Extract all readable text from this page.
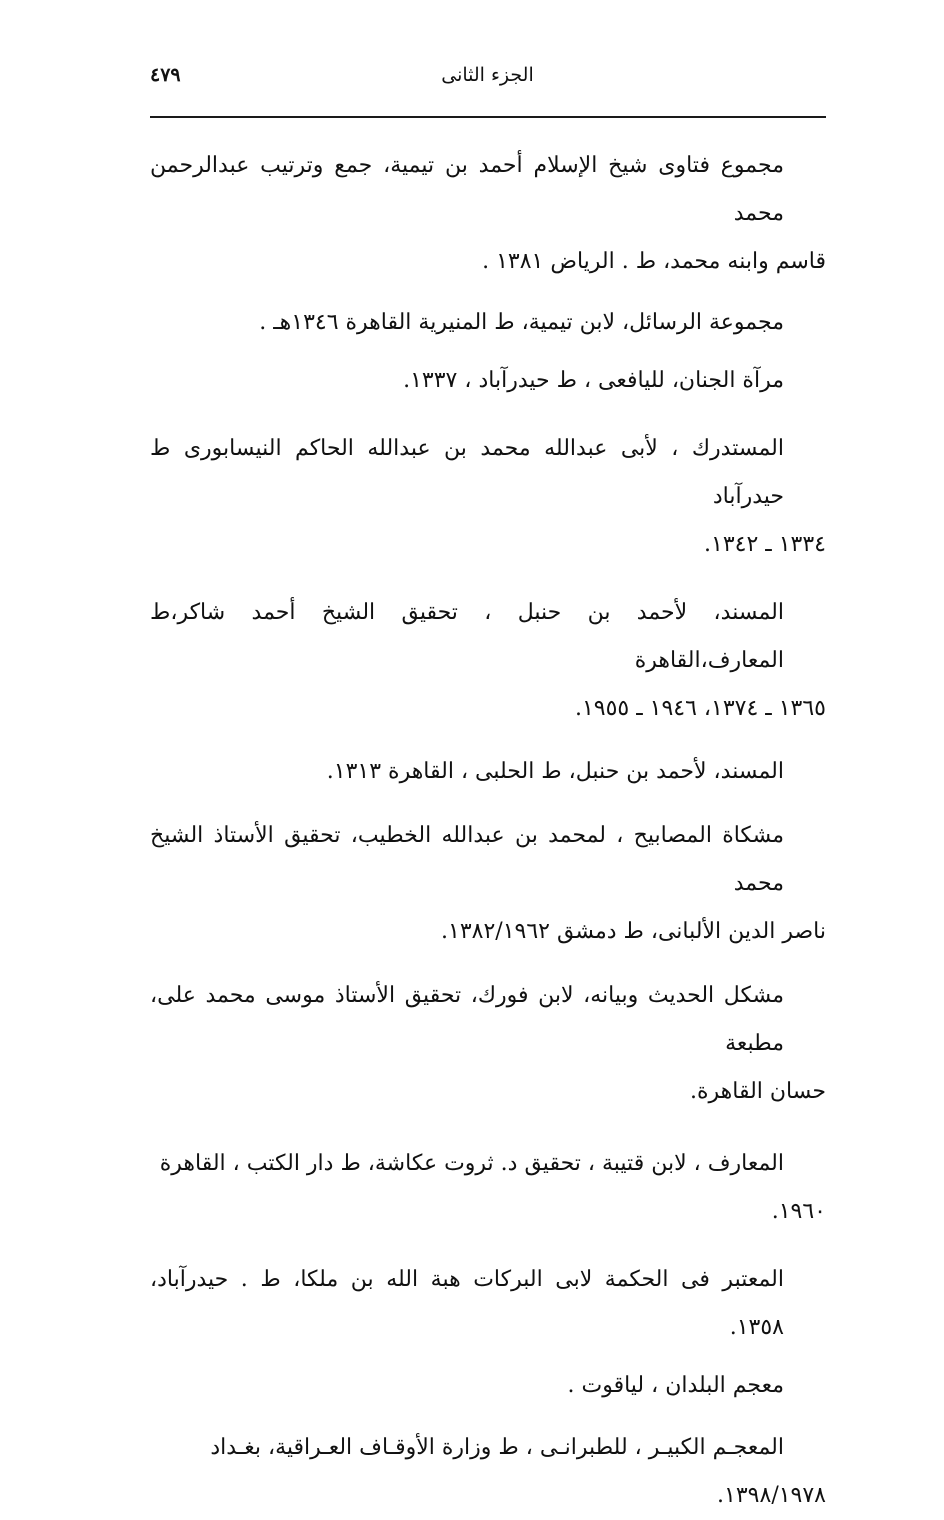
الجزء الثانى
٤٧٩
مجموع فتاوى شيخ الإسلام أحمد بن تيمية، جمع وترتيب عبدالرحمن محمد
قاسم وابنه محمد، ط . الرياض ١٣٨١ .
مجموعة الرسائل، لابن تيمية، ط المنيرية القاهرة ١٣٤٦هـ .
مرآة الجنان، لليافعى ، ط حيدرآباد ، ١٣٣٧.
المستدرك ، لأبى عبدالله محمد بن عبدالله الحاكم النيسابورى ط حيدرآباد
١٣٣٤ ـ ١٣٤٢.
المسند، لأحمد بن حنبل ، تحقيق الشيخ أحمد شاكر،ط المعارف،القاهرة
١٣٦٥ ـ ١٣٧٤، ١٩٤٦ ـ ١٩٥٥.
المسند، لأحمد بن حنبل، ط الحلبى ، القاهرة ١٣١٣.
مشكاة المصابيح ، لمحمد بن عبدالله الخطيب، تحقيق الأستاذ الشيخ محمد
ناصر الدين الألبانى، ط دمشق ١٣٨٢/١٩٦٢.
مشكل الحديث وبيانه، لابن فورك، تحقيق الأستاذ موسى محمد على، مطبعة
حسان القاهرة.
المعارف ، لابن قتيبة ، تحقيق د. ثروت عكاشة، ط دار الكتب ، القاهرة
١٩٦٠.
المعتبر فى الحكمة لابى البركات هبة الله بن ملكا، ط . حيدرآباد، ١٣٥٨.
معجم البلدان ، لياقوت .
المعجـم الكبيـر ، للطبرانـى ، ط وزارة الأوقـاف العـراقية، بغـداد
١٣٩٨/١٩٧٨.
